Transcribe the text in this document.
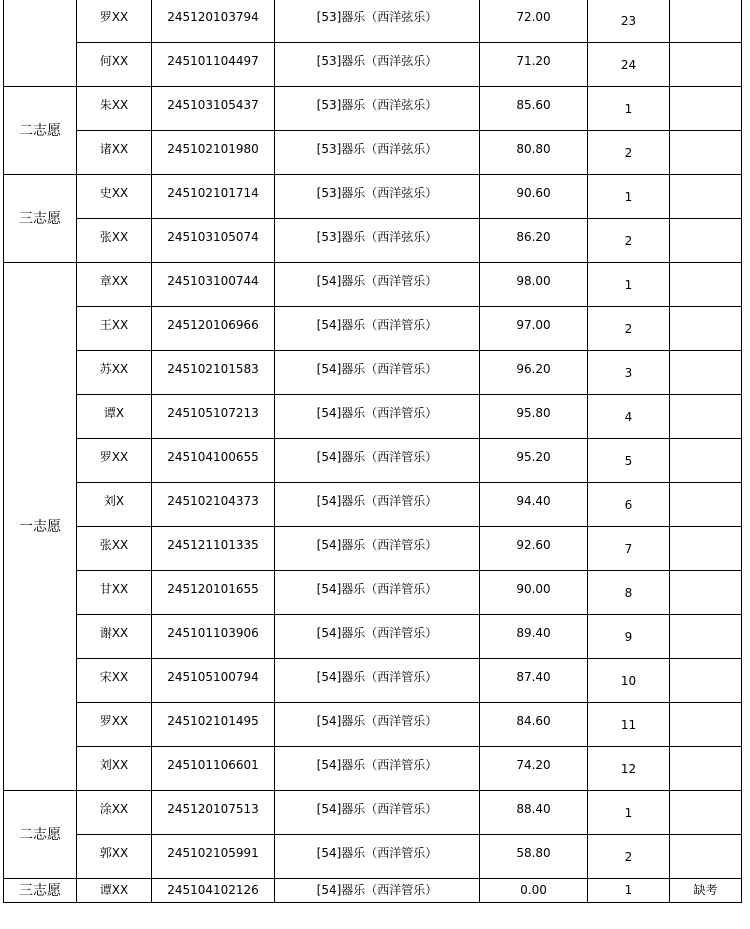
	罗XX	245120103794	[53]器乐（西洋弦乐）	72.00	23	
	何XX	245101104497	[53]器乐（西洋弦乐）	71.20	24	
二志愿	朱XX	245103105437	[53]器乐（西洋弦乐）	85.60	1	
	诸XX	245102101980	[53]器乐（西洋弦乐）	80.80	2	
三志愿	史XX	245102101714	[53]器乐（西洋弦乐）	90.60	1	
	张XX	245103105074	[53]器乐（西洋弦乐）	86.20	2	
一志愿	章XX	245103100744	[54]器乐（西洋管乐）	98.00	1	
	王XX	245120106966	[54]器乐（西洋管乐）	97.00	2	
	苏XX	245102101583	[54]器乐（西洋管乐）	96.20	3	
	谭X	245105107213	[54]器乐（西洋管乐）	95.80	4	
	罗XX	245104100655	[54]器乐（西洋管乐）	95.20	5	
	刘X	245102104373	[54]器乐（西洋管乐）	94.40	6	
	张XX	245121101335	[54]器乐（西洋管乐）	92.60	7	
	甘XX	245120101655	[54]器乐（西洋管乐）	90.00	8	
	谢XX	245101103906	[54]器乐（西洋管乐）	89.40	9	
	宋XX	245105100794	[54]器乐（西洋管乐）	87.40	10	
	罗XX	245102101495	[54]器乐（西洋管乐）	84.60	11	
	刘XX	245101106601	[54]器乐（西洋管乐）	74.20	12	
二志愿	涂XX	245120107513	[54]器乐（西洋管乐）	88.40	1	
	郭XX	245102105991	[54]器乐（西洋管乐）	58.80	2	
三志愿	谭XX	245104102126	[54]器乐（西洋管乐）	0.00	1	缺考
